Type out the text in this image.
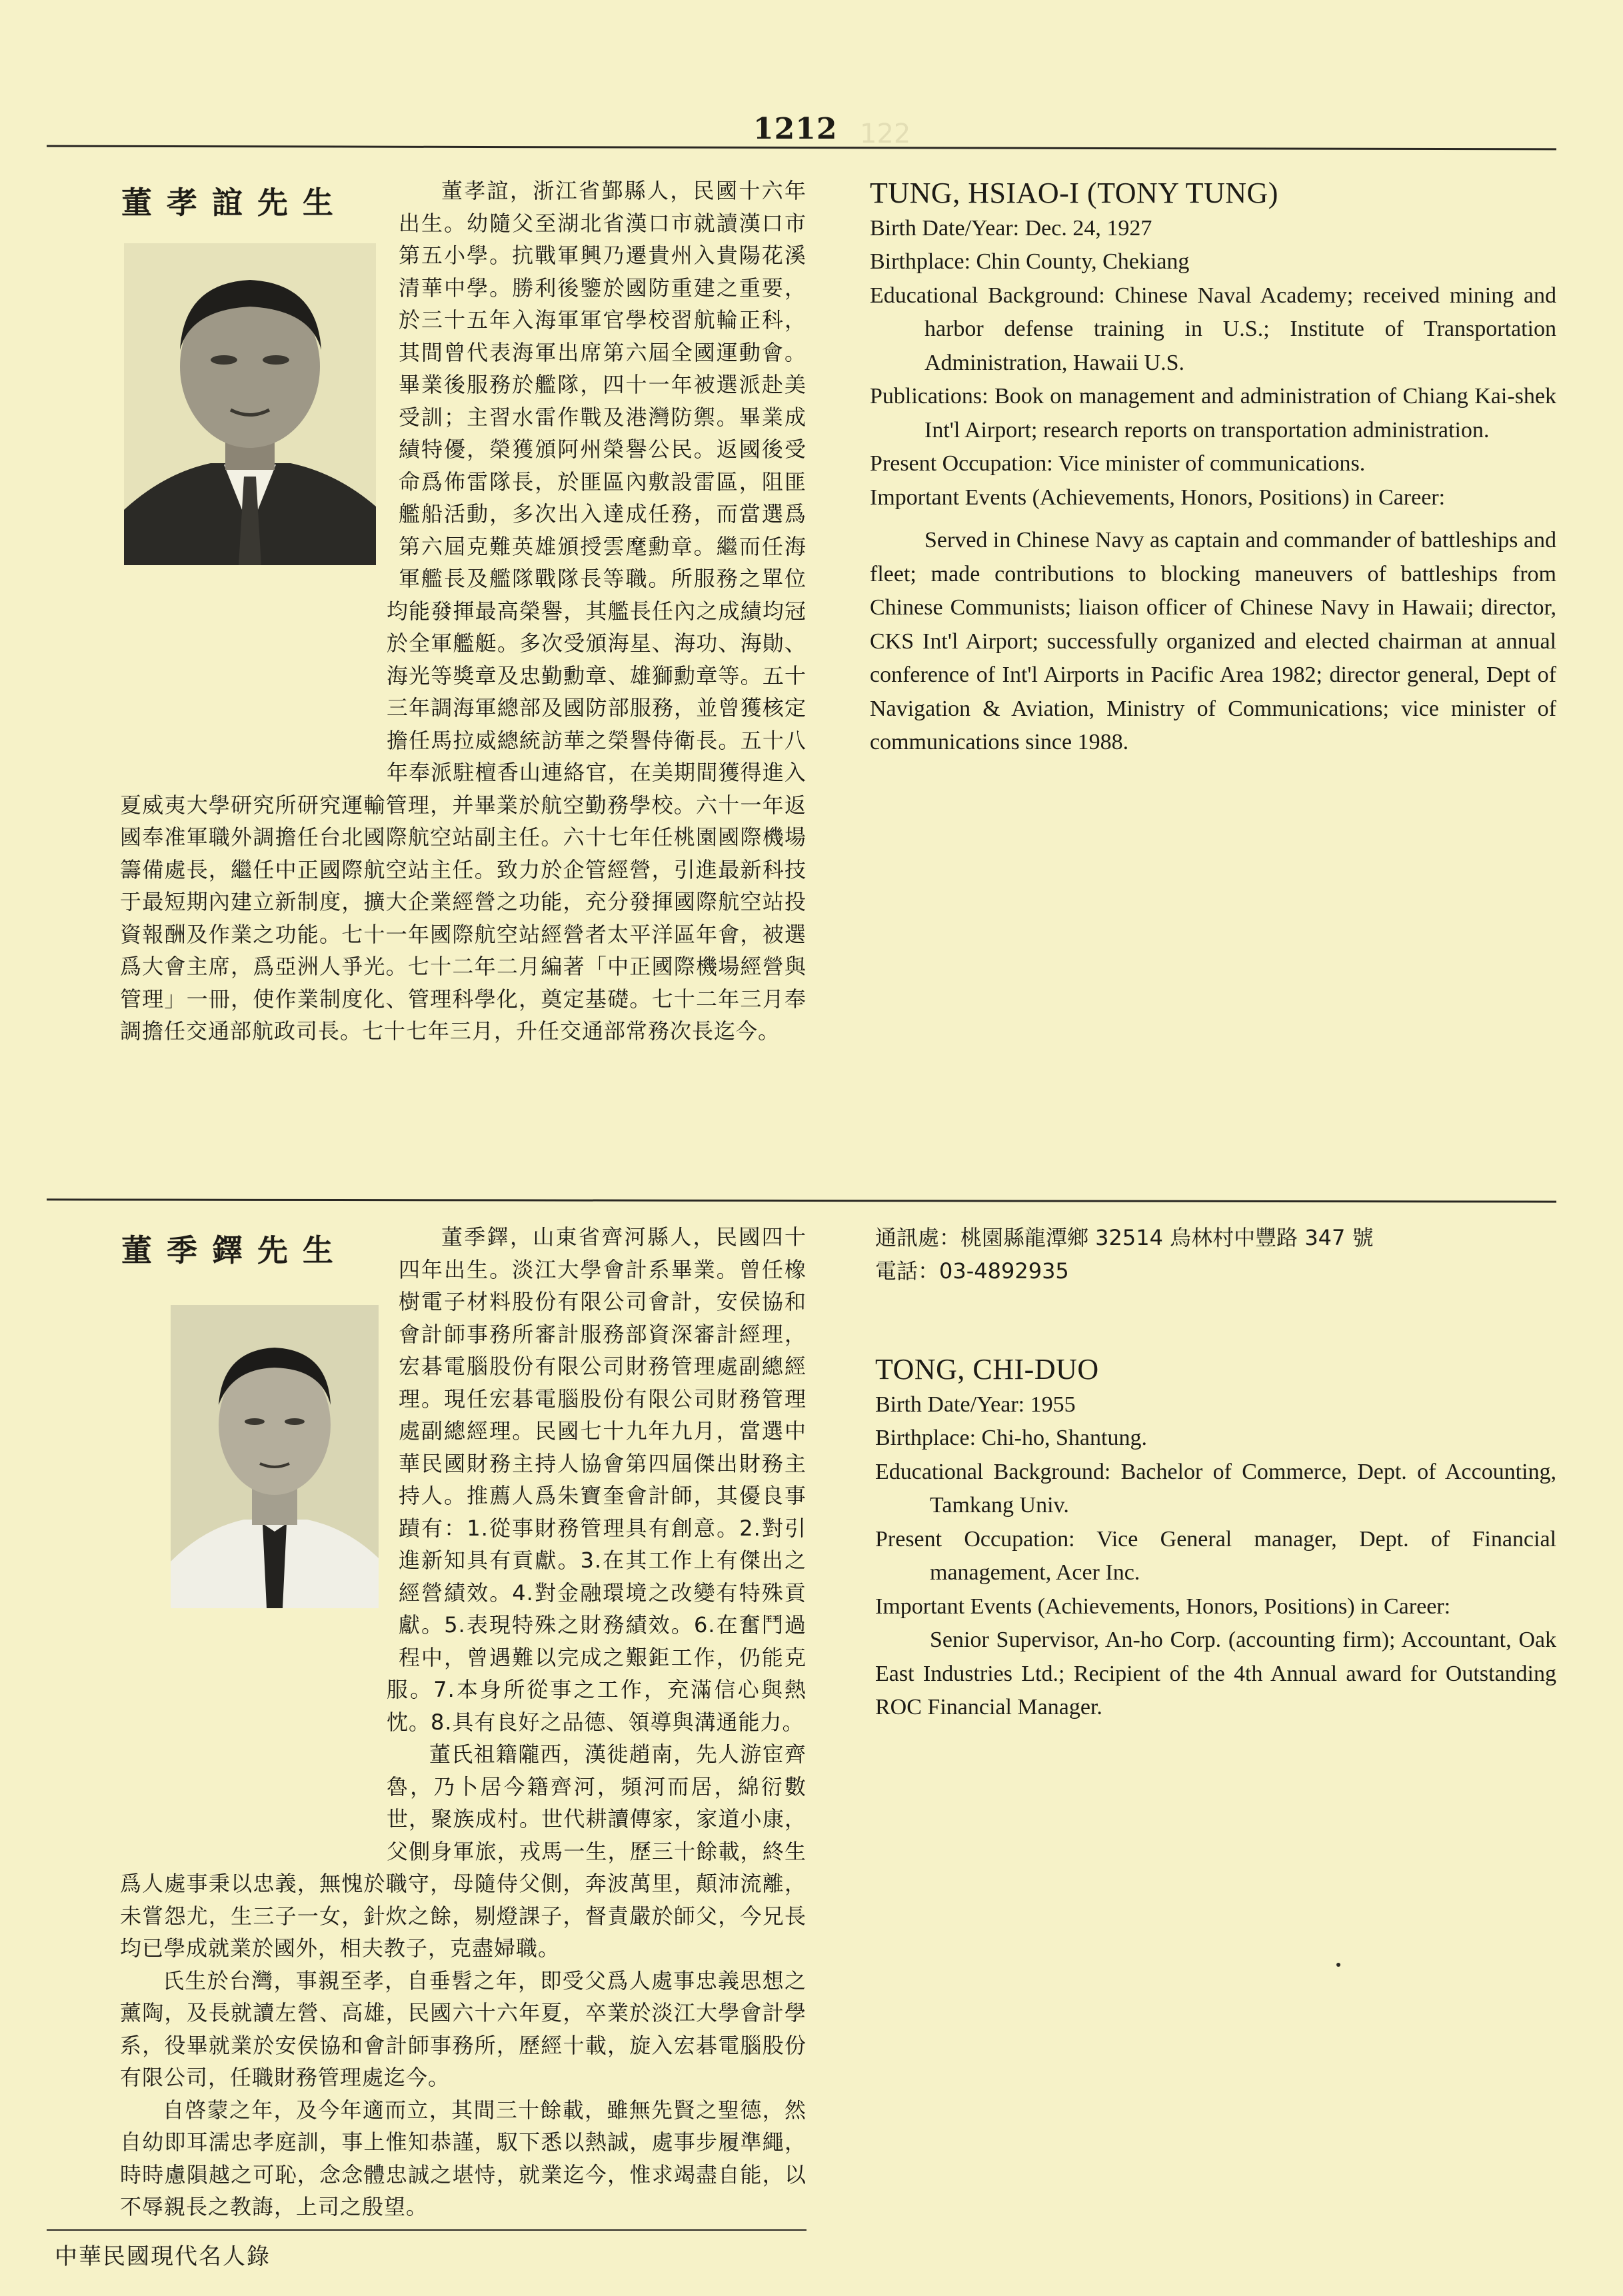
1212 122
董孝誼先生	董孝誼，浙江省鄞縣人，民國十六年出生。幼隨父至湖北省漢口市就讀漢口市第五小學。抗戰軍興乃遷貴州入貴陽花溪清華中學。勝利後鑒於國防重建之重要，於三十五年入海軍軍官學校習航輪正科，其間曾代表海軍出席第六屆全國運動會。畢業後服務於艦隊，四十一年被選派赴美受訓；主習水雷作戰及港灣防禦。畢業成績特優，榮獲頒阿州榮譽公民。返國後受命爲佈雷隊長，於匪區內敷設雷區，阻匪艦船活動，多次出入達成任務，而當選爲第六屆克難英雄頒授雲麾勳章。繼而任海軍艦長及艦隊戰隊長等職。所服務之單位均能發揮最高榮譽，其艦長任內之成績均冠於全軍艦艇。多次受頒海星、海功、海勛、海光等獎章及忠勤勳章、雄獅勳章等。五十三年調海軍總部及國防部服務，並曾獲核定擔任馬拉威總統訪華之榮譽侍衛長。五十八年奉派駐檀香山連絡官，在美期間獲得進入夏威夷大學研究所研究運輸管理，并畢業於航空勤務學校。六十一年返國奉准軍職外調擔任台北國際航空站副主任。六十七年任桃園國際機場籌備處長，繼任中正國際航空站主任。致力於企管經營，引進最新科技于最短期內建立新制度，擴大企業經營之功能，充分發揮國際航空站投資報酬及作業之功能。七十一年國際航空站經營者太平洋區年會，被選爲大會主席，爲亞洲人爭光。七十二年二月編著「中正國際機場經營與管理」一冊，使作業制度化、管理科學化，奠定基礎。七十二年三月奉調擔任交通部航政司長。七十七年三月，升任交通部常務次長迄今。

TUNG, HSIAO-I (TONY TUNG)

Birth Date/Year: Dec. 24, 1927

Birthplace: Chin County, Chekiang

Educational Background: Chinese Naval Academy; received mining and harbor defense training in U.S.; Institute of Transportation Administration, Hawaii U.S.

Publications: Book on management and administration of Chiang Kai-shek Int'l Airport; research reports on transportation administration.

Present Occupation: Vice minister of communications.

Important Events (Achievements, Honors, Positions) in Career:

Served in Chinese Navy as captain and commander of battleships and fleet; made contributions to blocking maneuvers of battleships from Chinese Communists; liaison officer of Chinese Navy in Hawaii; director, CKS Int'l Airport; successfully organized and elected chairman at annual conference of Int'l Airports in Pacific Area 1982; director general, Dept of Navigation & Aviation, Ministry of Communications; vice minister of communications since 1988.

董季鐸先生	董季鐸，山東省齊河縣人，民國四十四年出生。淡江大學會計系畢業。曾任橡樹電子材料股份有限公司會計，安侯協和會計師事務所審計服務部資深審計經理，宏碁電腦股份有限公司財務管理處副總經理。現任宏碁電腦股份有限公司財務管理處副總經理。民國七十九年九月，當選中華民國財務主持人協會第四屆傑出財務主持人。推薦人爲朱寶奎會計師，其優良事蹟有：1.從事財務管理具有創意。2.對引進新知具有貢獻。3.在其工作上有傑出之經營績效。4.對金融環境之改變有特殊貢獻。5.表現特殊之財務績效。6.在奮鬥過程中，曾遇難以完成之艱鉅工作，仍能克服。7.本身所從事之工作，充滿信心與熱忱。8.具有良好之品德、領導與溝通能力。

董氏祖籍隴西，漢徙趙南，先人游宦齊魯，乃卜居今籍齊河，頻河而居，綿衍數世，聚族成村。世代耕讀傳家，家道小康，父側身軍旅，戎馬一生，歷三十餘載，終生爲人處事秉以忠義，無愧於職守，母隨侍父側，奔波萬里，顛沛流離，未嘗怨尤，生三子一女，針炊之餘，剔燈課子，督責嚴於師父，今兄長均已學成就業於國外，相夫教子，克盡婦職。

氏生於台灣，事親至孝，自垂髫之年，即受父爲人處事忠義思想之薰陶，及長就讀左營、高雄，民國六十六年夏，卒業於淡江大學會計學系，役畢就業於安侯協和會計師事務所，歷經十載，旋入宏碁電腦股份有限公司，任職財務管理處迄今。

自啓蒙之年，及今年適而立，其間三十餘載，雖無先賢之聖德，然自幼即耳濡忠孝庭訓，事上惟知恭謹，馭下悉以熱誠，處事步履準繩，時時慮隕越之可恥，念念體忠誠之堪恃，就業迄今，惟求竭盡自能，以不辱親長之教誨，上司之殷望。

通訊處：桃園縣龍潭鄉 32514 烏林村中豐路 347 號

電話：03-4892935

TONG, CHI-DUO

Birth Date/Year: 1955

Birthplace: Chi-ho, Shantung.

Educational Background: Bachelor of Commerce, Dept. of Accounting, Tamkang Univ.

Present Occupation: Vice General manager, Dept. of Financial management, Acer Inc.

Important Events (Achievements, Honors, Positions) in Career:

Senior Supervisor, An-ho Corp. (accounting firm); Accountant, Oak East Industries Ltd.; Recipient of the 4th Annual award for Outstanding ROC Financial Manager.

中華民國現代名人錄
